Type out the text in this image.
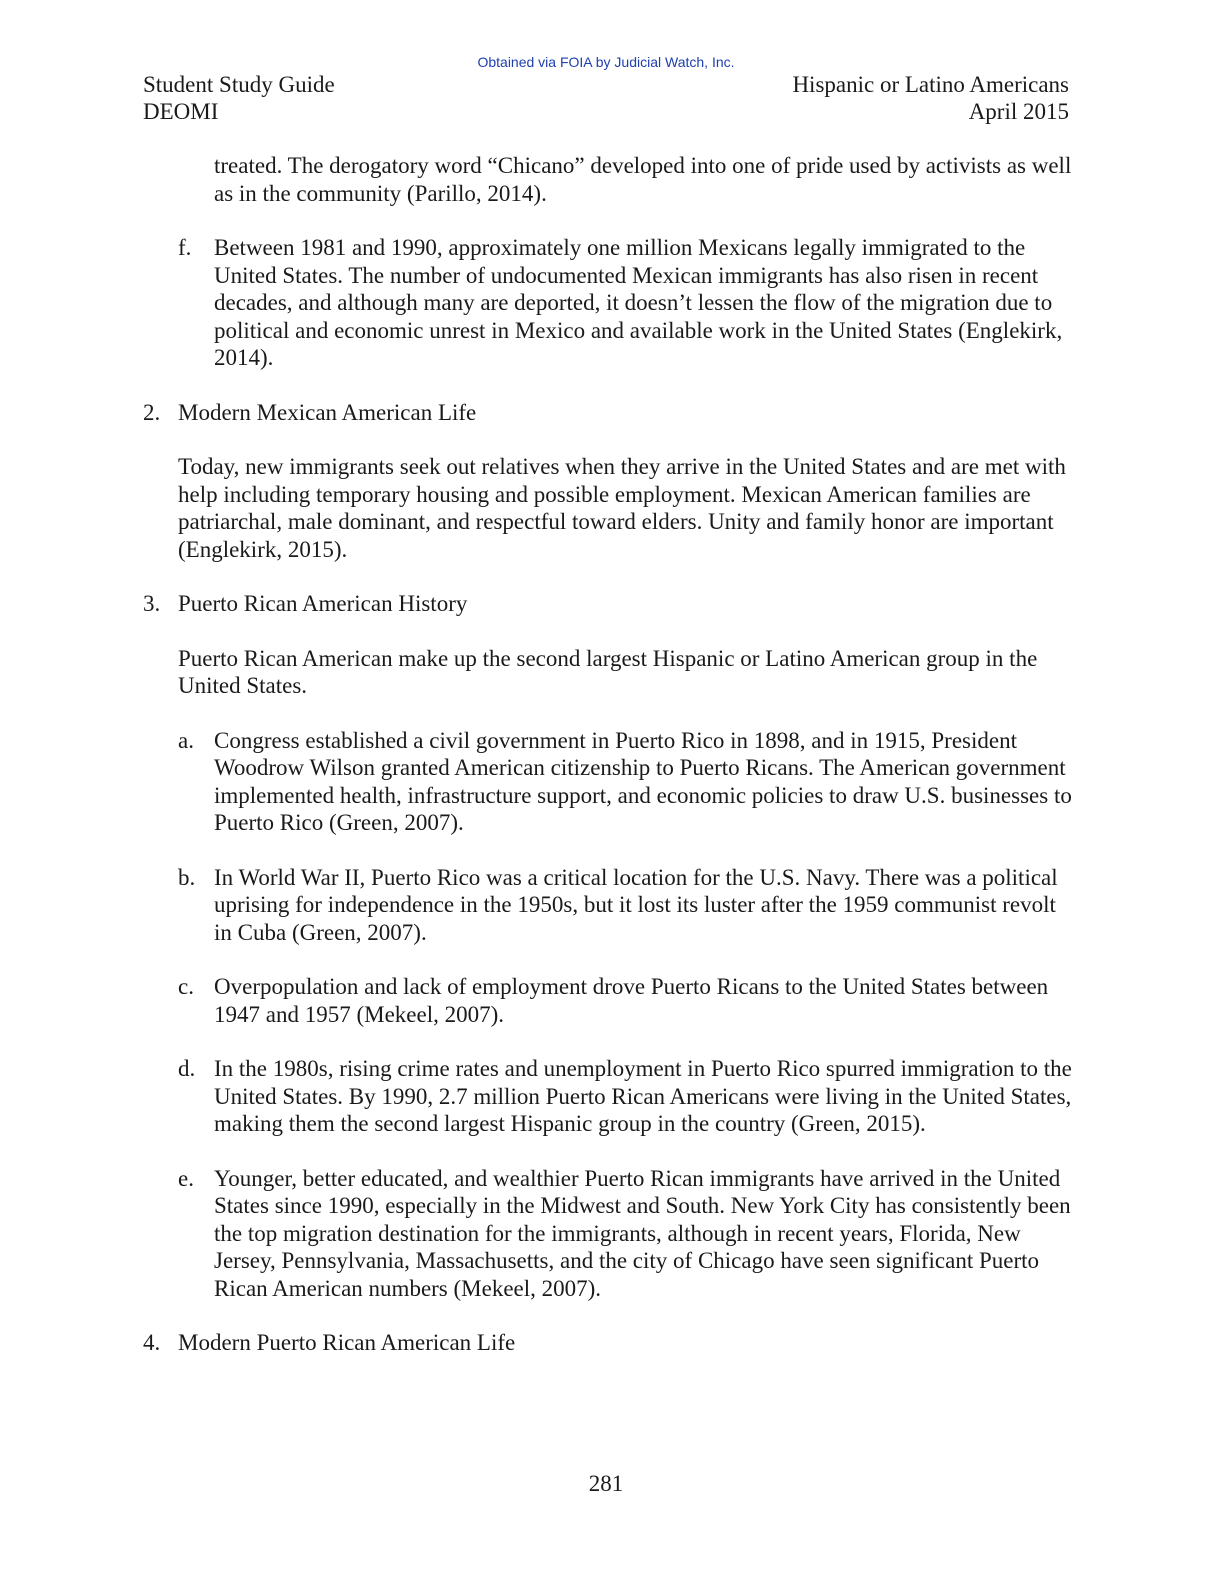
Obtained via FOIA by Judicial Watch, Inc.
Student Study Guide
DEOMI
Hispanic or Latino Americans
April 2015

treated. The derogatory word “Chicano” developed into one of pride used by activists as well as in the community (Parillo, 2014).

f. Between 1981 and 1990, approximately one million Mexicans legally immigrated to the United States. The number of undocumented Mexican immigrants has also risen in recent decades, and although many are deported, it doesn’t lessen the flow of the migration due to political and economic unrest in Mexico and available work in the United States (Englekirk, 2014).
2. Modern Mexican American Life

Today, new immigrants seek out relatives when they arrive in the United States and are met with help including temporary housing and possible employment. Mexican American families are patriarchal, male dominant, and respectful toward elders. Unity and family honor are important (Englekirk, 2015).

3. Puerto Rican American History

Puerto Rican American make up the second largest Hispanic or Latino American group in the United States.

a. Congress established a civil government in Puerto Rico in 1898, and in 1915, President Woodrow Wilson granted American citizenship to Puerto Ricans. The American government implemented health, infrastructure support, and economic policies to draw U.S. businesses to Puerto Rico (Green, 2007).
b. In World War II, Puerto Rico was a critical location for the U.S. Navy. There was a political uprising for independence in the 1950s, but it lost its luster after the 1959 communist revolt in Cuba (Green, 2007).
c. Overpopulation and lack of employment drove Puerto Ricans to the United States between 1947 and 1957 (Mekeel, 2007).
d. In the 1980s, rising crime rates and unemployment in Puerto Rico spurred immigration to the United States. By 1990, 2.7 million Puerto Rican Americans were living in the United States, making them the second largest Hispanic group in the country (Green, 2015).
e. Younger, better educated, and wealthier Puerto Rican immigrants have arrived in the United States since 1990, especially in the Midwest and South. New York City has consistently been the top migration destination for the immigrants, although in recent years, Florida, New Jersey, Pennsylvania, Massachusetts, and the city of Chicago have seen significant Puerto Rican American numbers (Mekeel, 2007).
4. Modern Puerto Rican American Life
281
